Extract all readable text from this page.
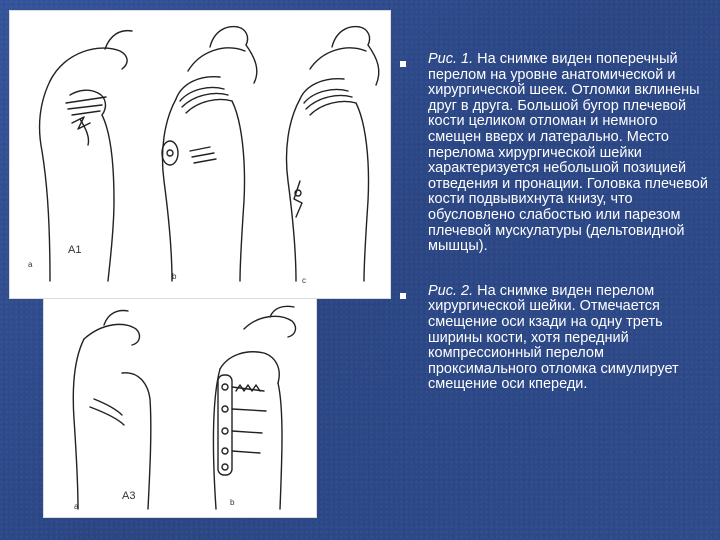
A1
a
b	c
A3
a	b
Рис. 1. На снимке виден поперечный перелом на уровне анатомической и хирургической шеек. Отломки вклинены друг в друга. Большой бугор плечевой кости целиком отломан и немного смещен вверх и латерально. Место перелома хирургической шейки характеризуется небольшой позицией отведения и пронации. Головка плечевой кости подвывихнута книзу, что обусловлено слабостью или парезом плечевой мускулатуры (дельтовидной мышцы).
Рис. 2. На снимке виден перелом хирургической шейки. Отмечается смещение оси кзади на одну треть ширины кости, хотя передний компрессионный перелом проксимального отломка симулирует смещение оси кпереди.
